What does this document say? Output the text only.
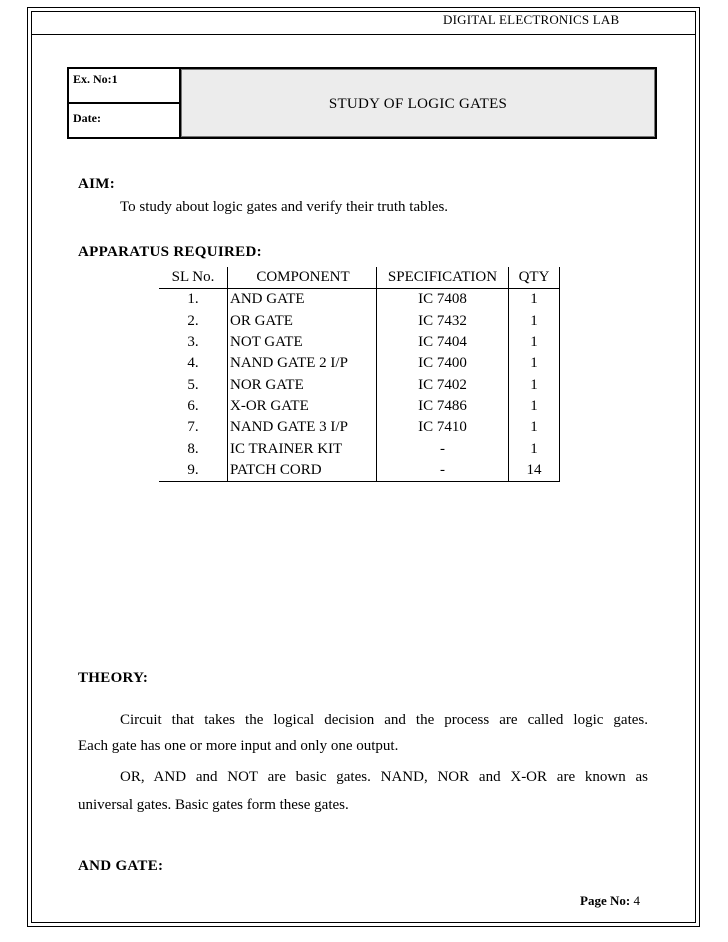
DIGITAL ELECTRONICS LAB
Ex. No:1
Date:
STUDY OF LOGIC GATES
AIM:
To study about logic gates and verify their truth tables.
APPARATUS REQUIRED:
SL No.	COMPONENT	SPECIFICATION	QTY
1.	AND GATE	IC 7408	1
2.	OR GATE	IC 7432	1
3.	NOT GATE	IC 7404	1
4.	NAND GATE 2 I/P	IC 7400	1
5.	NOR GATE	IC 7402	1
6.	X-OR GATE	IC 7486	1
7.	NAND GATE 3 I/P	IC 7410	1
8.	IC TRAINER KIT	-	1
9.	PATCH CORD	-	14
THEORY:
Circuit that takes the logical decision and the process are called logic gates.
Each gate has one or more input and only one output.
OR, AND and NOT are basic gates. NAND, NOR and X-OR are known as
universal gates. Basic gates form these gates.
AND GATE:
Page No: 4
